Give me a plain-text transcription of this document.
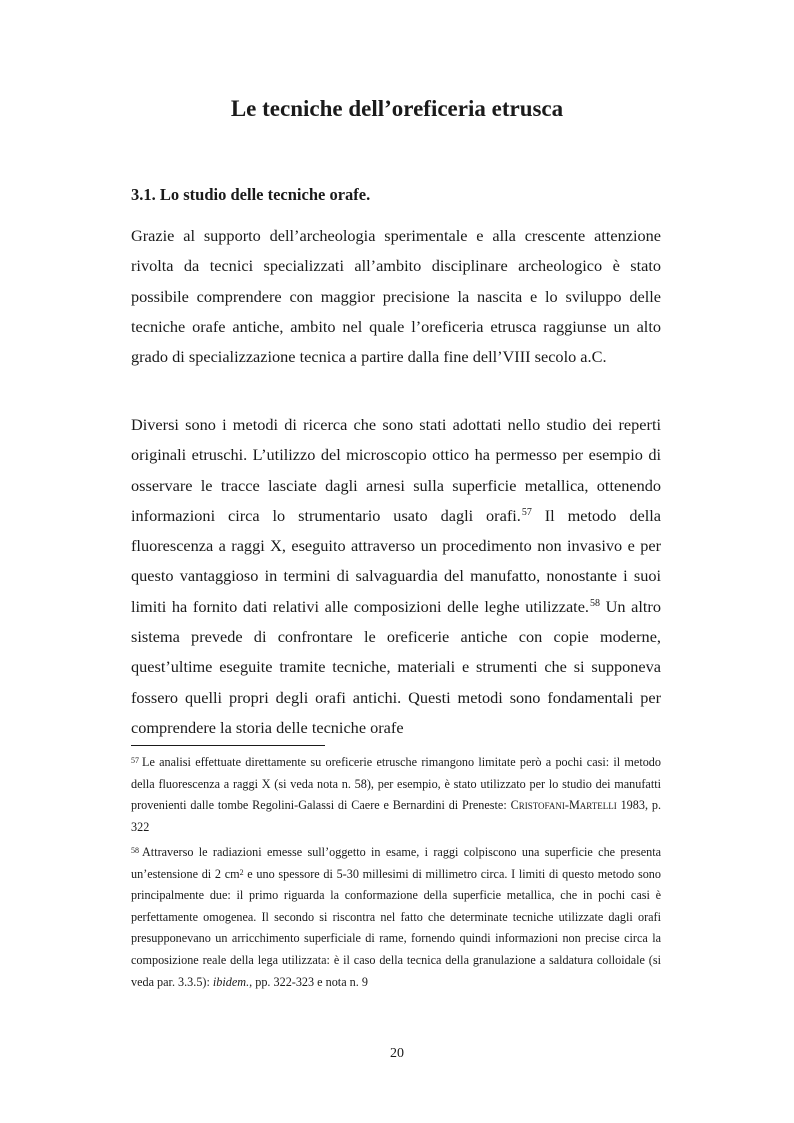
Le tecniche dell’oreficeria etrusca
3.1. Lo studio delle tecniche orafe.

Grazie al supporto dell’archeologia sperimentale e alla crescente attenzione rivolta da tecnici specializzati all’ambito disciplinare archeologico è stato possibile comprendere con maggior precisione la nascita e lo sviluppo delle tecniche orafe antiche, ambito nel quale l’oreficeria etrusca raggiunse un alto grado di specializzazione tecnica a partire dalla fine dell’VIII secolo a.C.

Diversi sono i metodi di ricerca che sono stati adottati nello studio dei reperti originali etruschi. L’utilizzo del microscopio ottico ha permesso per esempio di osservare le tracce lasciate dagli arnesi sulla superficie metallica, ottenendo informazioni circa lo strumentario usato dagli orafi.$^{57}$ Il metodo della fluorescenza a raggi X, eseguito attraverso un procedimento non invasivo e per questo vantaggioso in termini di salvaguardia del manufatto, nonostante i suoi limiti ha fornito dati relativi alle composizioni delle leghe utilizzate.$^{58}$ Un altro sistema prevede di confrontare le oreficerie antiche con copie moderne, quest’ultime eseguite tramite tecniche, materiali e strumenti che si supponeva fossero quelli propri degli orafi antichi. Questi metodi sono fondamentali per comprendere la storia delle tecniche orafe

$^{57}$ Le analisi effettuate direttamente su oreficerie etrusche rimangono limitate però a pochi casi: il metodo della fluorescenza a raggi X (si veda nota n. 58), per esempio, è stato utilizzato per lo studio dei manufatti provenienti dalle tombe Regolini-Galassi di Caere e Bernardini di Preneste: Cristofani-Martelli 1983, p. 322

$^{58}$ Attraverso le radiazioni emesse sull’oggetto in esame, i raggi colpiscono una superficie che presenta un’estensione di 2 $cm^2$ e uno spessore di 5-30 millesimi di millimetro circa. I limiti di questo metodo sono principalmente due: il primo riguarda la conformazione della superficie metallica, che in pochi casi è perfettamente omogenea. Il secondo si riscontra nel fatto che determinate tecniche utilizzate dagli orafi presupponevano un arricchimento superficiale di rame, fornendo quindi informazioni non precise circa la composizione reale della lega utilizzata: è il caso della tecnica della granulazione a saldatura colloidale (si veda par. 3.3.5): ibidem., pp. 322-323 e nota n. 9

20
